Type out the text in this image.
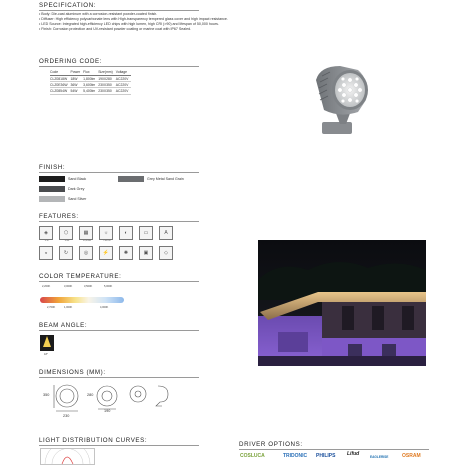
SPECIFICATION:
• Body: Die-cast aluminum with a corrosion-resistant powder-coated finish.
• Diffuser: High efficiency polycarbonate lens with High-transparency tempered glass cover and high impact resistance.
• LED Source: Integrated high-efficiency LED chips with high lumen, high CRI (>90) and lifespan of 50,000 hours.
• Finish: Corrosion protection and UV-resistant powder coating or marine coat with IP67 Sealed.
ORDERING CODE:
Code	Power	Flux	Size(mm)	Voltage
CLZ0818W	18W	1,800lm	190X280	AC220V
CLZ0E36W	36W	3,600lm	230X350	AC220V
CLZ0854W	54W	5,400lm	230X350	AC220V
FINISH:
Sand Black
Dark Grey
Sand Silver
Grey Metal Sand Grain
FEATURES:
◈
IP67
⬡
IK08
▦
50,000H
☼
CRI>90
◐	▭	A
◒	↻	◎	⚡	✺	▣	◇
COLOR TEMPERATURE:
2,200K	3,000K	3,500K	5,000K
2,700K	1,000K	4,000K
BEAM ANGLE:
18°
DIMENSIONS (MM):
350
230
280
190
LIGHT DISTRIBUTION CURVES:
DRIVER OPTIONS:
COSLUCA	TRIDONIC PHILIPS Lifud	EAGLERISE	OSRAM
